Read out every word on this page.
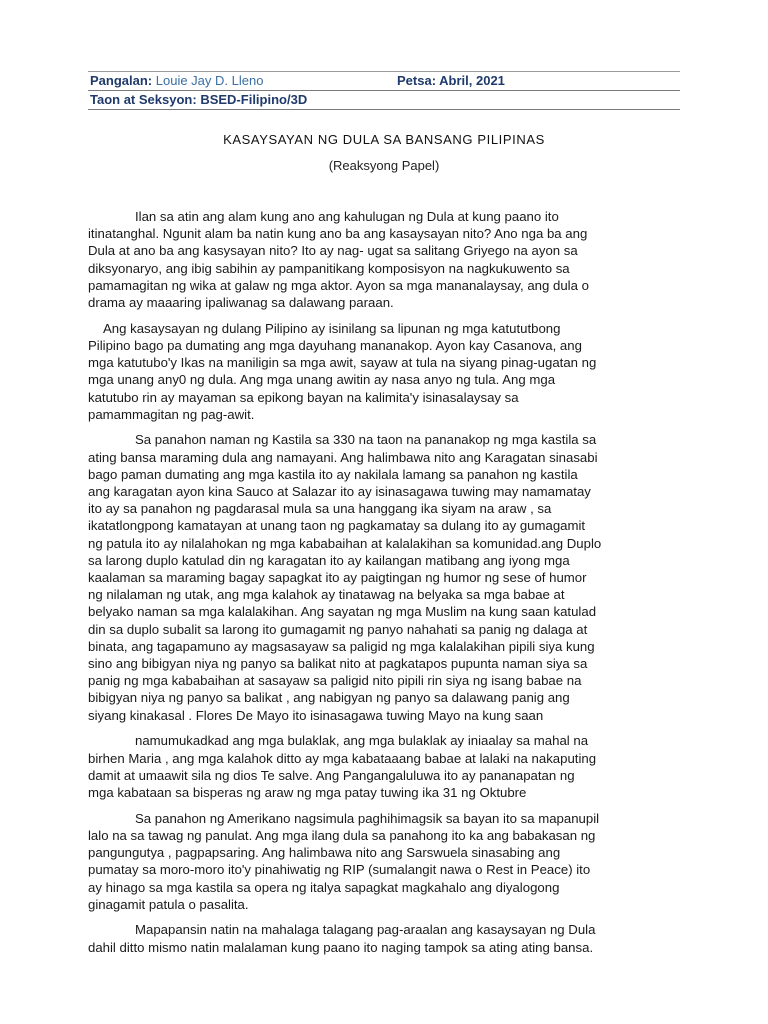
Pangalan: Louie Jay D. Lleno	Petsa: Abril, 2021
Taon at Seksyon: BSED-Filipino/3D
KASAYSAYAN NG DULA SA BANSANG PILIPINAS
(Reaksyong Papel)
Ilan sa atin ang alam kung ano ang kahulugan ng Dula at kung paano ito
itinatanghal. Ngunit alam ba natin kung ano ba ang kasaysayan nito? Ano nga ba ang
Dula at ano ba ang kasysayan nito? Ito ay nag- ugat sa salitang Griyego na ayon sa
diksyonaryo, ang ibig sabihin ay pampanitikang komposisyon na nagkukuwento sa
pamamagitan ng wika at galaw ng mga aktor. Ayon sa mga mananalaysay, ang dula o
drama ay maaaring ipaliwanag sa dalawang paraan.
Ang kasaysayan ng dulang Pilipino ay isinilang sa lipunan ng mga katututbong
Pilipino bago pa dumating ang mga dayuhang mananakop. Ayon kay Casanova, ang
mga katutubo'y Ikas na maniligin sa mga awit, sayaw at tula na siyang pinag-ugatan ng
mga unang any0 ng dula. Ang mga unang awitin ay nasa anyo ng tula. Ang mga
katutubo rin ay mayaman sa epikong bayan na kalimita'y isinasalaysay sa
pamammagitan ng pag-awit.
Sa panahon naman ng Kastila sa 330 na taon na pananakop ng mga kastila sa
ating bansa maraming dula ang namayani. Ang halimbawa nito ang Karagatan sinasabi
bago paman dumating ang mga kastila ito ay nakilala lamang sa panahon ng kastila
ang karagatan ayon kina Sauco at Salazar ito ay isinasagawa tuwing may namamatay
ito ay sa panahon ng pagdarasal mula sa una hanggang ika siyam na araw , sa
ikatatlongpong kamatayan at unang taon ng pagkamatay sa dulang ito ay gumagamit
ng patula ito ay nilalahokan ng mga kababaihan at kalalakihan sa komunidad.ang Duplo
sa larong duplo katulad din ng karagatan ito ay kailangan matibang ang iyong mga
kaalaman sa maraming bagay sapagkat ito ay paigtingan ng humor ng sese of humor
ng nilalaman ng utak, ang mga kalahok ay tinatawag na belyaka sa mga babae at
belyako naman sa mga kalalakihan. Ang sayatan ng mga Muslim na kung saan katulad
din sa duplo subalit sa larong ito gumagamit ng panyo nahahati sa panig ng dalaga at
binata, ang tagapamuno ay magsasayaw sa paligid ng mga kalalakihan pipili siya kung
sino ang bibigyan niya ng panyo sa balikat nito at pagkatapos pupunta naman siya sa
panig ng mga kababaihan at sasayaw sa paligid nito pipili rin siya ng isang babae na
bibigyan niya ng panyo sa balikat , ang nabigyan ng panyo sa dalawang panig ang
siyang kinakasal . Flores De Mayo ito isinasagawa tuwing Mayo na kung saan
namumukadkad ang mga bulaklak, ang mga bulaklak ay iniaalay sa mahal na
birhen Maria , ang mga kalahok ditto ay mga kabataaang babae at lalaki na nakaputing
damit at umaawit sila ng dios Te salve. Ang Pangangaluluwa ito ay pananapatan ng
mga kabataan sa bisperas ng araw ng mga patay tuwing ika 31 ng Oktubre
Sa panahon ng Amerikano nagsimula paghihimagsik sa bayan ito sa mapanupil
lalo na sa tawag ng panulat. Ang mga ilang dula sa panahong ito ka ang babakasan ng
pangungutya , pagpapsaring. Ang halimbawa nito ang Sarswuela sinasabing ang
pumatay sa moro-moro ito'y pinahiwatig ng RIP (sumalangit nawa o Rest in Peace) ito
ay hinago sa mga kastila sa opera ng italya sapagkat magkahalo ang diyalogong
ginagamit patula o pasalita.
Mapapansin natin na mahalaga talagang pag-araalan ang kasaysayan ng Dula
dahil ditto mismo natin malalaman kung paano ito naging tampok sa ating ating bansa.
